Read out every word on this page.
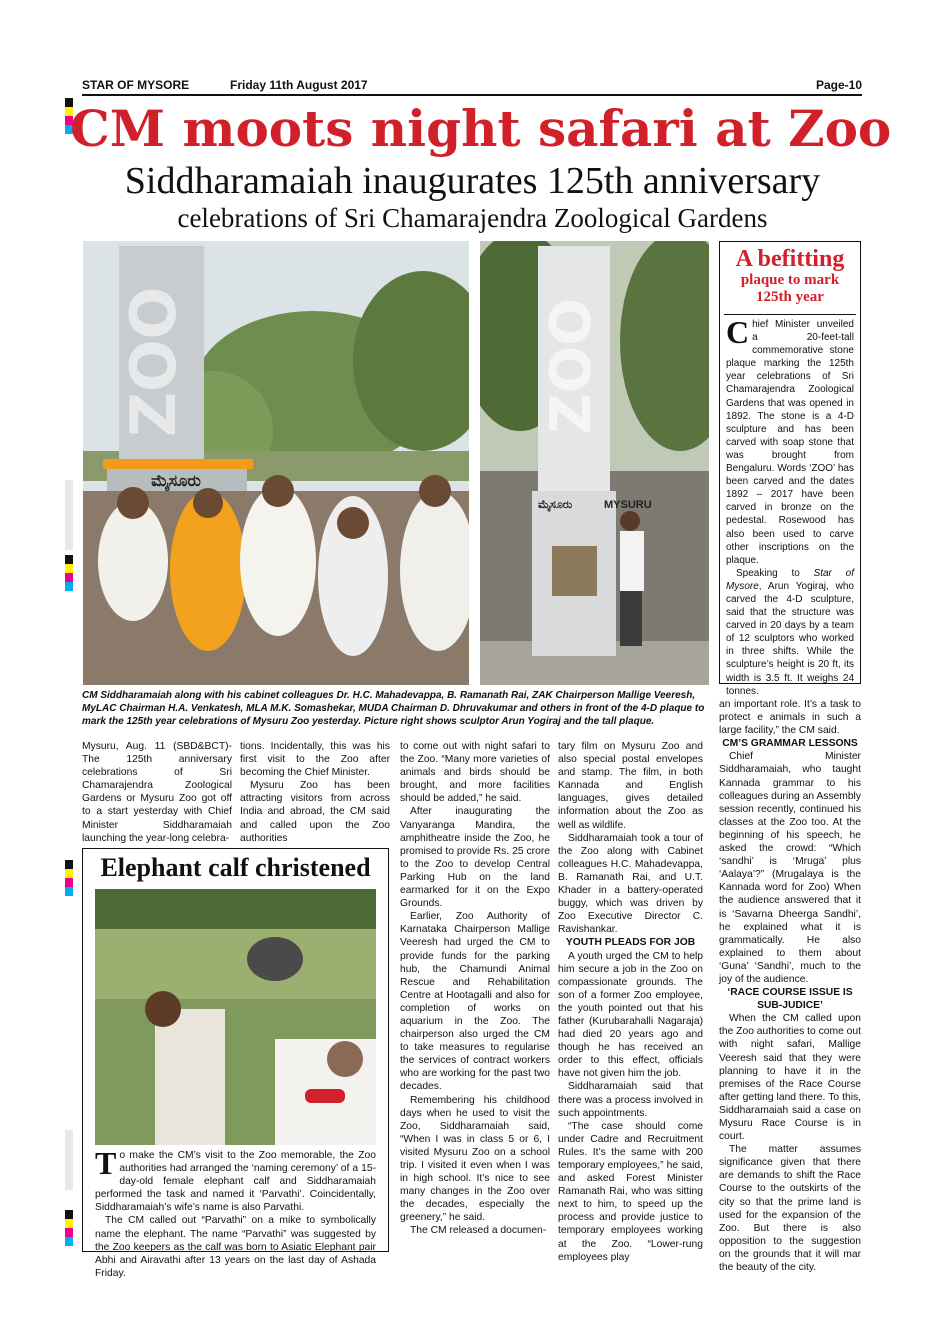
STAR OF MYSORE	Friday 11th August 2017	Page-10
CM moots night safari at Zoo
Siddharamaiah inaugurates 125th anniversary
celebrations of Sri Chamarajendra Zoological Gardens
ZOO
ಮೈಸೂರು
ZOO
ಮೈಸೂರು	MYSURU
CM Siddharamaiah along with his cabinet colleagues Dr. H.C. Mahadevappa, B. Ramanath Rai, ZAK Chairperson Mallige Veeresh, MyLAC Chairman H.A. Venkatesh, MLA M.K. Somashekar, MUDA Chairman D. Dhruvakumar and others in front of the 4-D plaque to mark the 125th year celebrations of Mysuru Zoo yesterday. Picture right shows sculptor Arun Yogiraj and the tall plaque.
A befitting
plaque to mark
125th year

Chief Minister unveiled a 20-feet-tall commemorative stone plaque marking the 125th year celebrations of Sri Chamarajendra Zoological Gardens that was opened in 1892. The stone is a 4-D sculpture and has been carved with soap stone that was brought from Bengaluru. Words ‘ZOO’ has been carved and the dates 1892 – 2017 have been carved in bronze on the pedestal. Rosewood has also been used to carve other inscriptions on the plaque.

Speaking to Star of Mysore, Arun Yogiraj, who carved the 4-D sculpture, said that the structure was carved in 20 days by a team of 12 sculptors who worked in three shifts. While the sculpture’s height is 20 ft, its width is 3.5 ft. It weighs 24 tonnes.

Mysuru, Aug. 11 (SBD&BCT)- The 125th anniversary celebrations of Sri Chamarajendra Zoological Gardens or Mysuru Zoo got off to a start yesterday with Chief Minister Siddharamaiah launching the year-long celebra-

tions. Incidentally, this was his first visit to the Zoo after becoming the Chief Minister.

Mysuru Zoo has been attracting visitors from across India and abroad, the CM said and called upon the Zoo authorities

Elephant calf christened

To make the CM’s visit to the Zoo memorable, the Zoo authorities had arranged the ‘naming ceremony’ of a 15-day-old female elephant calf and Siddharamaiah performed the task and named it ‘Parvathi’. Coincidentally, Siddharamaiah’s wife’s name is also Parvathi.

The CM called out “Parvathi” on a mike to symbolically name the elephant. The name “Parvathi” was suggested by the Zoo keepers as the calf was born to Asiatic Elephant pair Abhi and Airavathi after 13 years on the last day of Ashada Friday.

to come out with night safari to the Zoo. “Many more varieties of animals and birds should be brought, and more facilities should be added,” he said.

After inaugurating the Vanyaranga Mandira, the amphitheatre inside the Zoo, he promised to provide Rs. 25 crore to the Zoo to develop Central Parking Hub on the land earmarked for it on the Expo Grounds.

Earlier, Zoo Authority of Karnataka Chairperson Mallige Veeresh had urged the CM to provide funds for the parking hub, the Chamundi Animal Rescue and Rehabilitation Centre at Hootagalli and also for completion of works on aquarium in the Zoo. The chairperson also urged the CM to take measures to regularise the services of contract workers who are working for the past two decades.

Remembering his childhood days when he used to visit the Zoo, Siddharamaiah said, “When I was in class 5 or 6, I visited Mysuru Zoo on a school trip. I visited it even when I was in high school. It’s nice to see many changes in the Zoo over the decades, especially the greenery,” he said.

The CM released a documen-

tary film on Mysuru Zoo and also special postal envelopes and stamp. The film, in both Kannada and English languages, gives detailed information about the Zoo as well as wildlife.

Siddharamaiah took a tour of the Zoo along with Cabinet colleagues H.C. Mahadevappa, B. Ramanath Rai, and U.T. Khader in a battery-operated buggy, which was driven by Zoo Executive Director C. Ravishankar.

YOUTH PLEADS FOR JOB

A youth urged the CM to help him secure a job in the Zoo on compassionate grounds. The son of a former Zoo employee, the youth pointed out that his father (Kurubarahalli Nagaraja) had died 20 years ago and though he has received an order to this effect, officials have not given him the job.

Siddharamaiah said that there was a process involved in such appointments.

“The case should come under Cadre and Recruitment Rules. It’s the same with 200 temporary employees,” he said, and asked Forest Minister Ramanath Rai, who was sitting next to him, to speed up the process and provide justice to temporary employees working at the Zoo. “Lower-rung employees play

an important role. It’s a task to protect e animals in such a large facility,” the CM said.

CM’S GRAMMAR LESSONS

Chief Minister Siddharamaiah, who taught Kannada grammar to his colleagues during an Assembly session recently, continued his classes at the Zoo too. At the beginning of his speech, he asked the crowd: “Which ‘sandhi’ is ‘Mruga’ plus ‘Aalaya’?” (Mrugalaya is the Kannada word for Zoo) When the audience answered that it is ‘Savarna Dheerga Sandhi’, he explained what it is grammatically. He also explained to them about ‘Guna’ ‘Sandhi’, much to the joy of the audience.

‘RACE COURSE ISSUE IS

SUB-JUDICE’

When the CM called upon the Zoo authorities to come out with night safari, Mallige Veeresh said that they were planning to have it in the premises of the Race Course after getting land there. To this, Siddharamaiah said a case on Mysuru Race Course is in court.

The matter assumes significance given that there are demands to shift the Race Course to the outskirts of the city so that the prime land is used for the expansion of the Zoo. But there is also opposition to the suggestion on the grounds that it will mar the beauty of the city.
